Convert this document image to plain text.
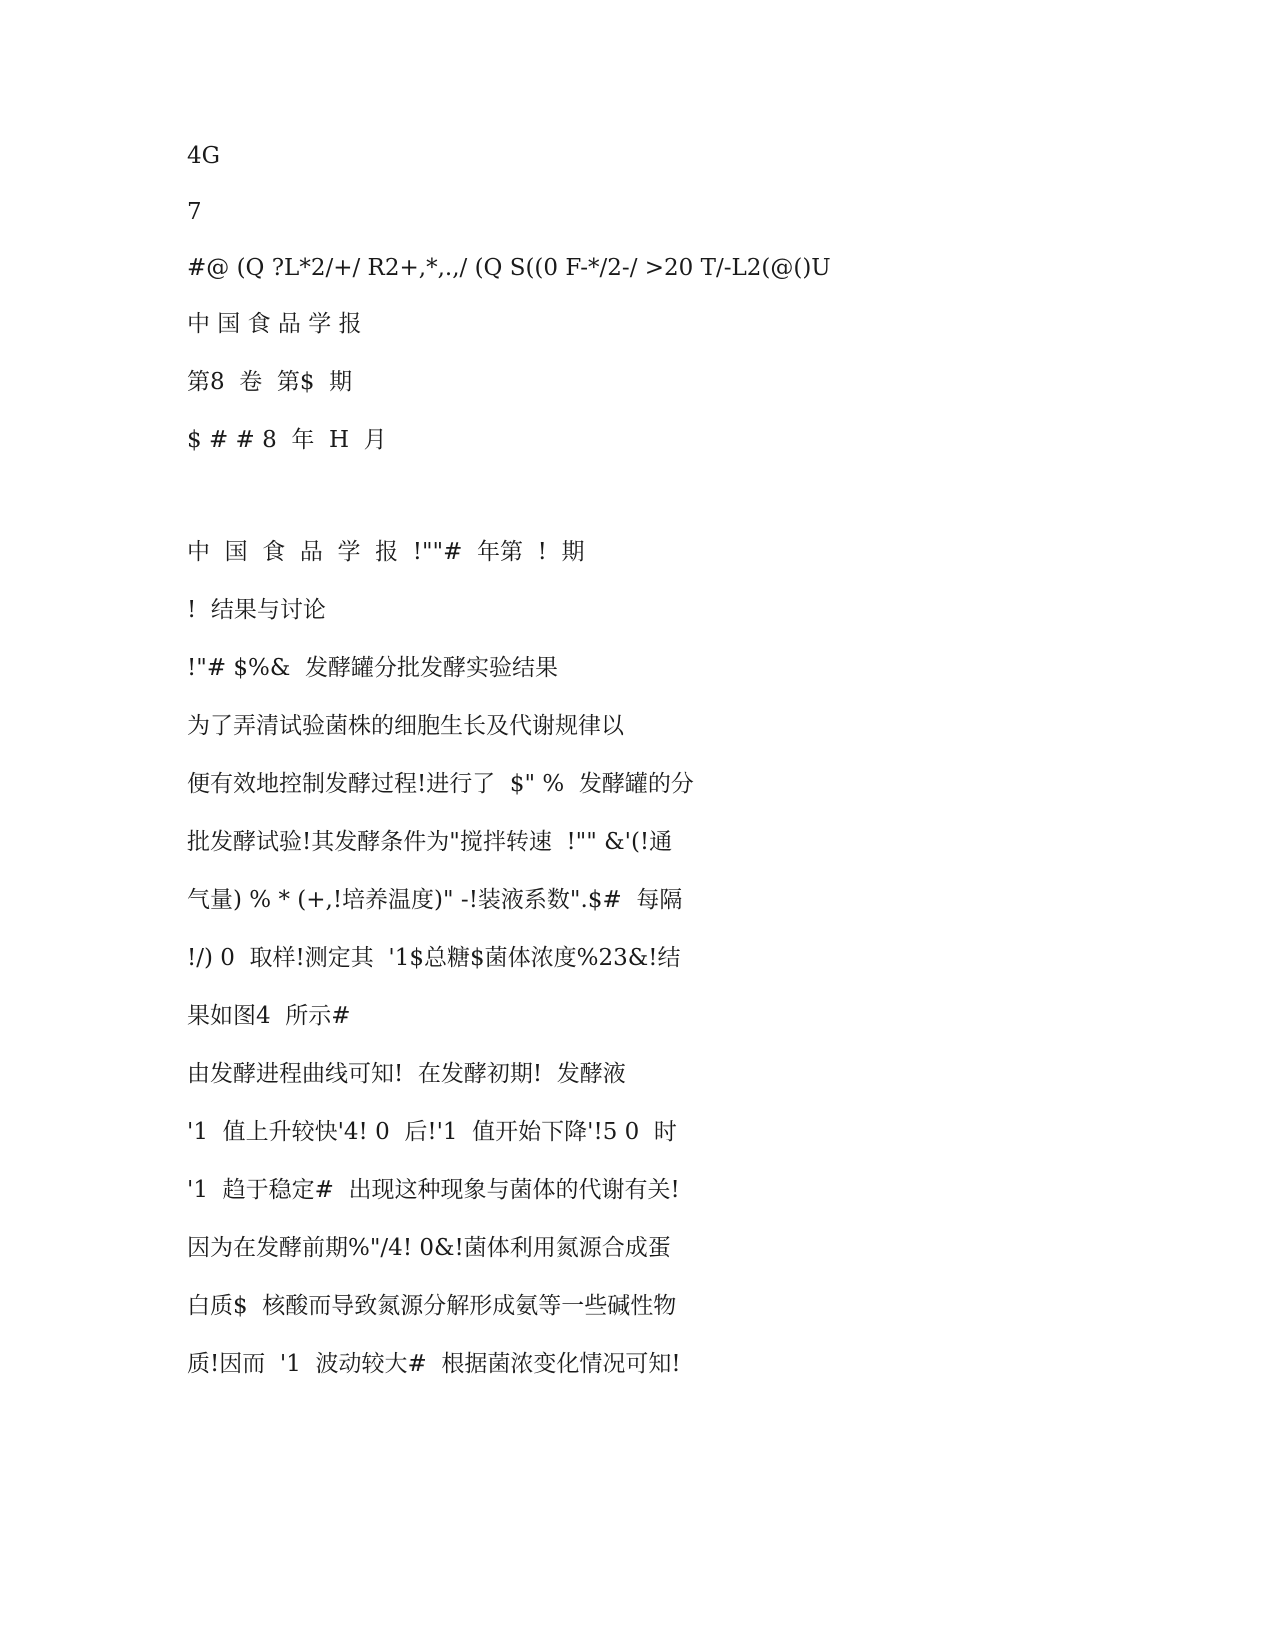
4G
7
#@ (Q ?L*2/+/ R2+,*,.,/ (Q S((0 F-*/2-/ >20 T/-L2(@()U
中 国 食 品 学 报
第8  卷  第$  期
$ # # 8  年  H  月
中  国  食  品  学  报  !""#  年第  !  期
!  结果与讨论
!"# $%&  发酵罐分批发酵实验结果
为了弄清试验菌株的细胞生长及代谢规律以
便有效地控制发酵过程!进行了  $" %  发酵罐的分
批发酵试验!其发酵条件为"搅拌转速  !"" &'(!通
气量) % * (+,!培养温度)" -!装液系数".$#  每隔
!/) 0  取样!测定其  '1$总糖$菌体浓度%23&!结
果如图4  所示#
由发酵进程曲线可知!  在发酵初期!  发酵液
'1  值上升较快'4! 0  后!'1  值开始下降'!5 0  时
'1  趋于稳定#  出现这种现象与菌体的代谢有关!
因为在发酵前期%"/4! 0&!菌体利用氮源合成蛋
白质$  核酸而导致氮源分解形成氨等一些碱性物
质!因而  '1  波动较大#  根据菌浓变化情况可知!
